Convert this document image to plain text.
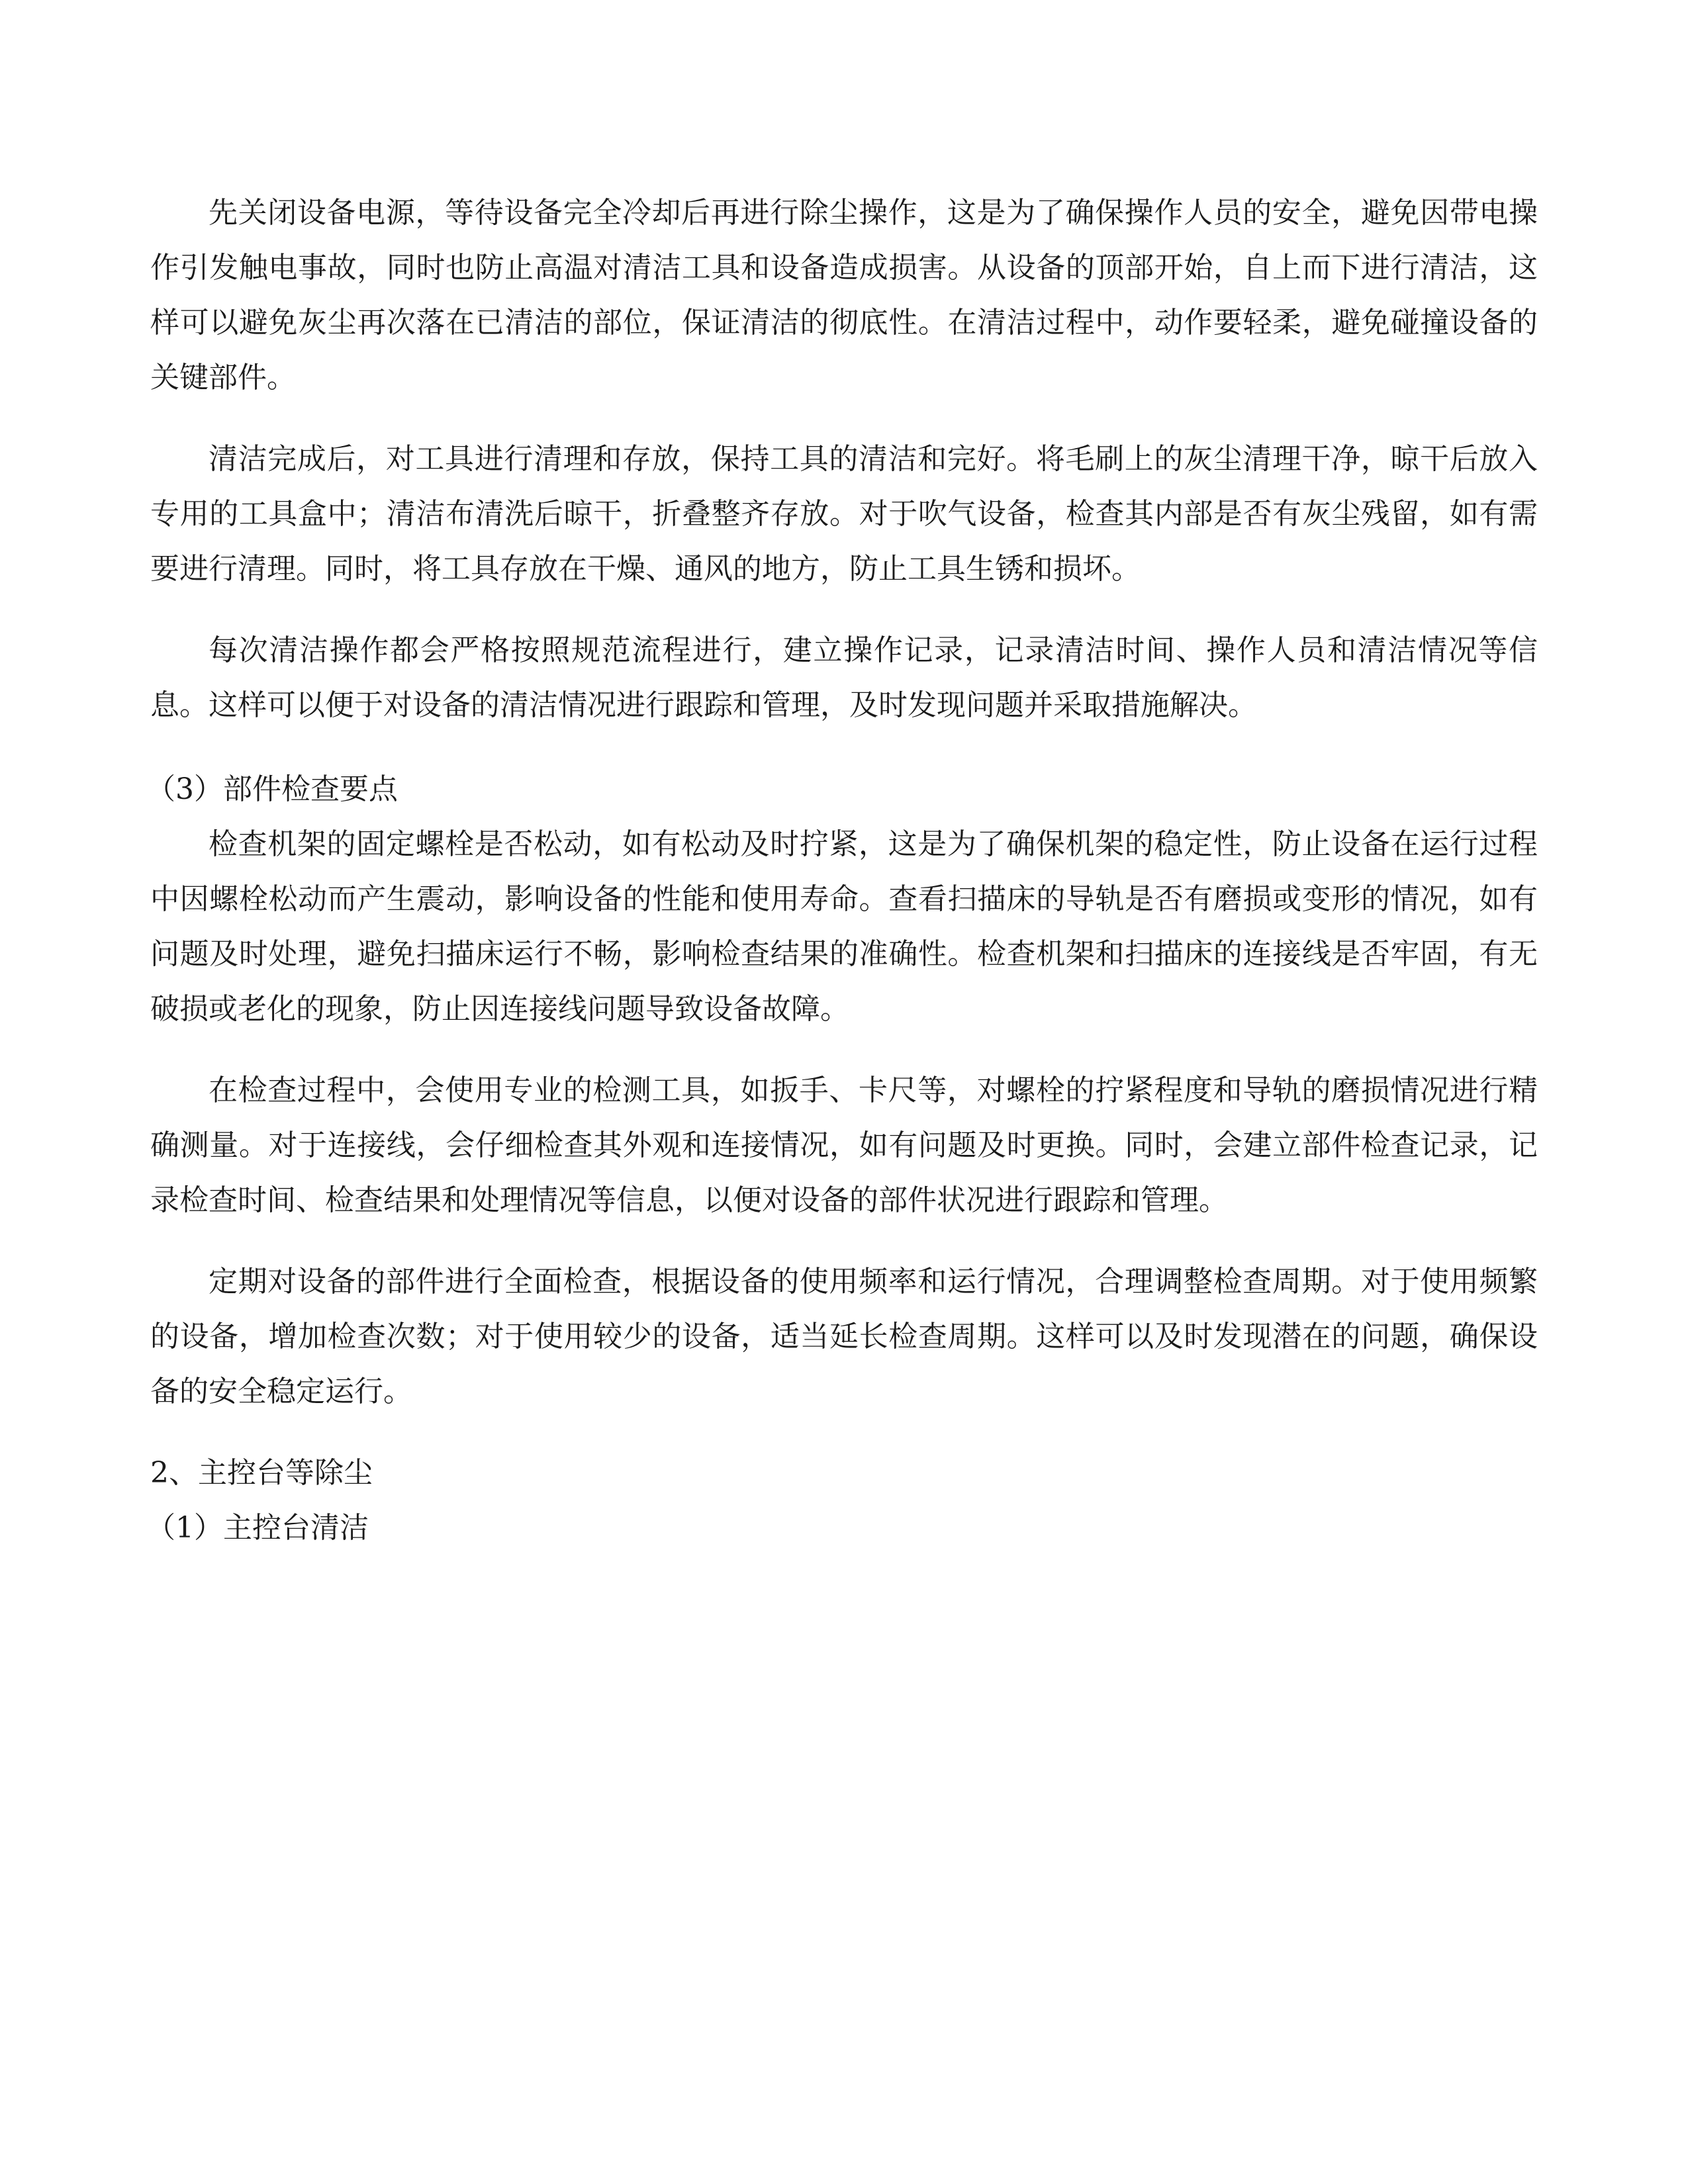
先关闭设备电源，等待设备完全冷却后再进行除尘操作，这是为了确保操作人员的安全，避免因带电操作引发触电事故，同时也防止高温对清洁工具和设备造成损害。从设备的顶部开始，自上而下进行清洁，这样可以避免灰尘再次落在已清洁的部位，保证清洁的彻底性。在清洁过程中，动作要轻柔，避免碰撞设备的关键部件。

清洁完成后，对工具进行清理和存放，保持工具的清洁和完好。将毛刷上的灰尘清理干净，晾干后放入专用的工具盒中；清洁布清洗后晾干，折叠整齐存放。对于吹气设备，检查其内部是否有灰尘残留，如有需要进行清理。同时，将工具存放在干燥、通风的地方，防止工具生锈和损坏。

每次清洁操作都会严格按照规范流程进行，建立操作记录，记录清洁时间、操作人员和清洁情况等信息。这样可以便于对设备的清洁情况进行跟踪和管理，及时发现问题并采取措施解决。

（3）部件检查要点

检查机架的固定螺栓是否松动，如有松动及时拧紧，这是为了确保机架的稳定性，防止设备在运行过程中因螺栓松动而产生震动，影响设备的性能和使用寿命。查看扫描床的导轨是否有磨损或变形的情况，如有问题及时处理，避免扫描床运行不畅，影响检查结果的准确性。检查机架和扫描床的连接线是否牢固，有无破损或老化的现象，防止因连接线问题导致设备故障。

在检查过程中，会使用专业的检测工具，如扳手、卡尺等，对螺栓的拧紧程度和导轨的磨损情况进行精确测量。对于连接线，会仔细检查其外观和连接情况，如有问题及时更换。同时，会建立部件检查记录，记录检查时间、检查结果和处理情况等信息，以便对设备的部件状况进行跟踪和管理。

定期对设备的部件进行全面检查，根据设备的使用频率和运行情况，合理调整检查周期。对于使用频繁的设备，增加检查次数；对于使用较少的设备，适当延长检查周期。这样可以及时发现潜在的问题，确保设备的安全稳定运行。

2、主控台等除尘

（1）主控台清洁
